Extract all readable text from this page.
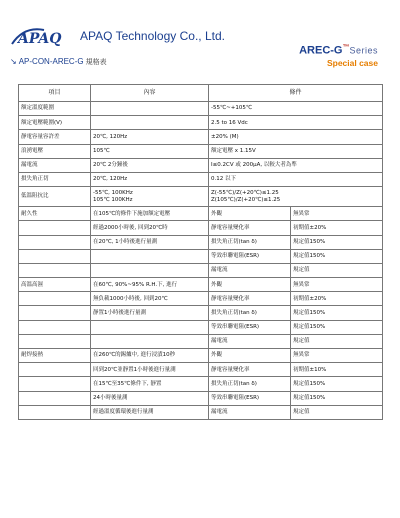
APAQ APAQ Technology Co., Ltd.
AREC-G™Series
Special case
↘ AP-CON-AREC-G 規格表
項目	內容	條件	
額定溫度範圍		-55℃~+105℃	

額定電壓範圍(V)		2.5 to 16 Vdc	

靜電容量容許差	20℃, 120Hz	±20% (M)	

浪湧電壓	105℃	額定電壓 x 1.15V	

漏電流	20℃ 2分鐘後	I≤0.2CV 或 200μA, 以較大者為準	

損失角正切	20℃, 120Hz	0.12 以下	

低溫阻抗比	-55℃, 100KHz
105℃ 100KHz	Z(-55℃)/Z(+20℃)≤1.25
Z(105℃)/Z(+20℃)≤1.25	

耐久性	在105℃的條件下施加額定電壓	外觀	無異常

	經過2000小時後, 回到20℃時	靜電容量變化率	初期值±20%

	在20℃, 1小時後進行量測	損失角正切(tan δ)	規定值150%

		等效串聯電阻(ESR)	規定值150%

		漏電流	規定值
高溫高濕	在60℃, 90%~95% R.H.下, 進行	外觀	無異常

	無負載1000小時後, 回到20℃	靜電容量變化率	初期值±20%

	靜置1小時後進行量測	損失角正切(tan δ)	規定值150%

		等效串聯電阻(ESR)	規定值150%

		漏電流	規定值
耐焊接熱	在260℃的錫爐中, 進行浸漬10秒	外觀	無異常

	回到20℃並靜置1小時後進行量測	靜電容量變化率	初期值±10%

	在15℃至35℃條件下, 靜置	損失角正切(tan δ)	規定值150%

	24小時後量測	等效串聯電阻(ESR)	規定值150%

	經過溫度循環後進行量測	漏電流	規定值
